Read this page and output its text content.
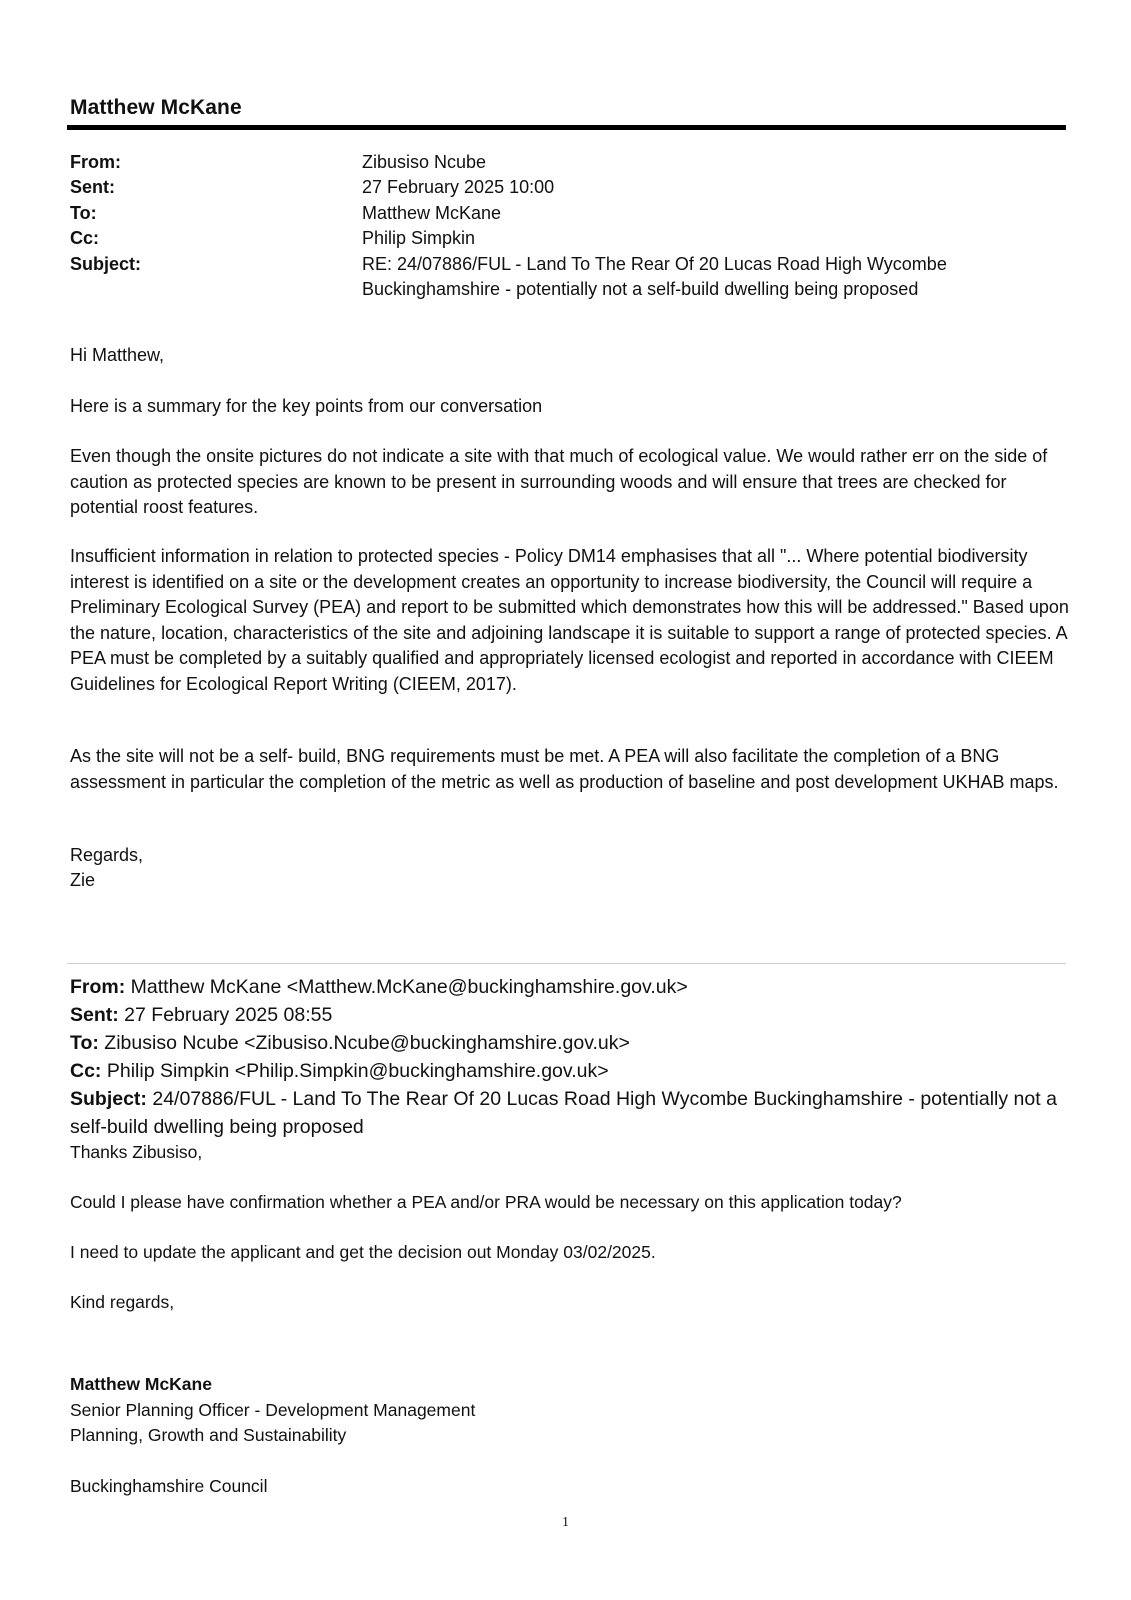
Matthew McKane
From:	Zibusiso Ncube
Sent:	27 February 2025 10:00
To:	Matthew McKane
Cc:	Philip Simpkin
Subject:	RE: 24/07886/FUL - Land To The Rear Of 20 Lucas Road High Wycombe
Buckinghamshire - potentially not a self-build dwelling being proposed
Hi Matthew,
Here is a summary for the key points from our conversation

Even though the onsite pictures do not indicate a site with that much of ecological value. We would rather err on the side of caution as protected species are known to be present in surrounding woods and will ensure that trees are checked for potential roost features.

Insufficient information in relation to protected species - Policy DM14 emphasises that all "... Where potential biodiversity interest is identified on a site or the development creates an opportunity to increase biodiversity, the Council will require a Preliminary Ecological Survey (PEA) and report to be submitted which demonstrates how this will be addressed." Based upon the nature, location, characteristics of the site and adjoining landscape it is suitable to support a range of protected species. A PEA must be completed by a suitably qualified and appropriately licensed ecologist and reported in accordance with CIEEM Guidelines for Ecological Report Writing (CIEEM, 2017).

As the site will not be a self- build, BNG requirements must be met. A PEA will also facilitate the completion of a BNG assessment in particular the completion of the metric as well as production of baseline and post development UKHAB maps.

Regards,
Zie
From: Matthew McKane <Matthew.McKane@buckinghamshire.gov.uk>
Sent: 27 February 2025 08:55
To: Zibusiso Ncube <Zibusiso.Ncube@buckinghamshire.gov.uk>
Cc: Philip Simpkin <Philip.Simpkin@buckinghamshire.gov.uk>
Subject: 24/07886/FUL - Land To The Rear Of 20 Lucas Road High Wycombe Buckinghamshire - potentially not a self-build dwelling being proposed
Thanks Zibusiso,
Could I please have confirmation whether a PEA and/or PRA would be necessary on this application today?
I need to update the applicant and get the decision out Monday 03/02/2025.
Kind regards,
Matthew McKane
Senior Planning Officer - Development Management
Planning, Growth and Sustainability
Buckinghamshire Council
1
